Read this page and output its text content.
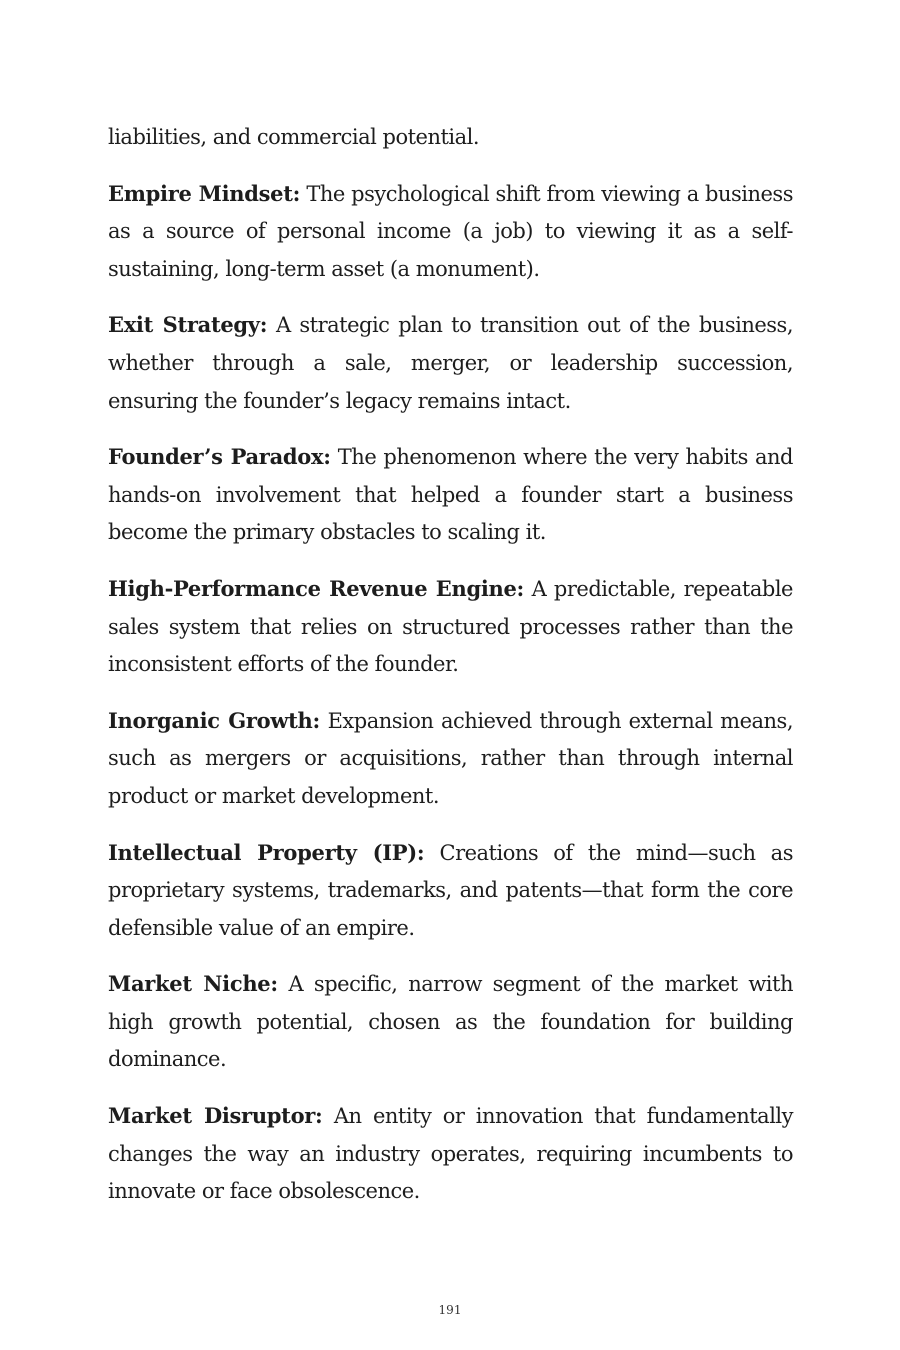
liabilities, and commercial potential.

Empire Mindset: The psychological shift from viewing a business as a source of personal income (a job) to viewing it as a self-sustaining, long-term asset (a monument).

Exit Strategy: A strategic plan to transition out of the business, whether through a sale, merger, or leadership succession, ensuring the founder’s legacy remains intact.

Founder’s Paradox: The phenomenon where the very habits and hands-on involvement that helped a founder start a business become the primary obstacles to scaling it.

High-Performance Revenue Engine: A predictable, repeatable sales system that relies on structured processes rather than the inconsistent efforts of the founder.

Inorganic Growth: Expansion achieved through external means, such as mergers or acquisitions, rather than through internal product or market development.

Intellectual Property (IP): Creations of the mind—such as proprietary systems, trademarks, and patents—that form the core defensible value of an empire.

Market Niche: A specific, narrow segment of the market with high growth potential, chosen as the foundation for building dominance.

Market Disruptor: An entity or innovation that fundamentally changes the way an industry operates, requiring incumbents to innovate or face obsolescence.

191
